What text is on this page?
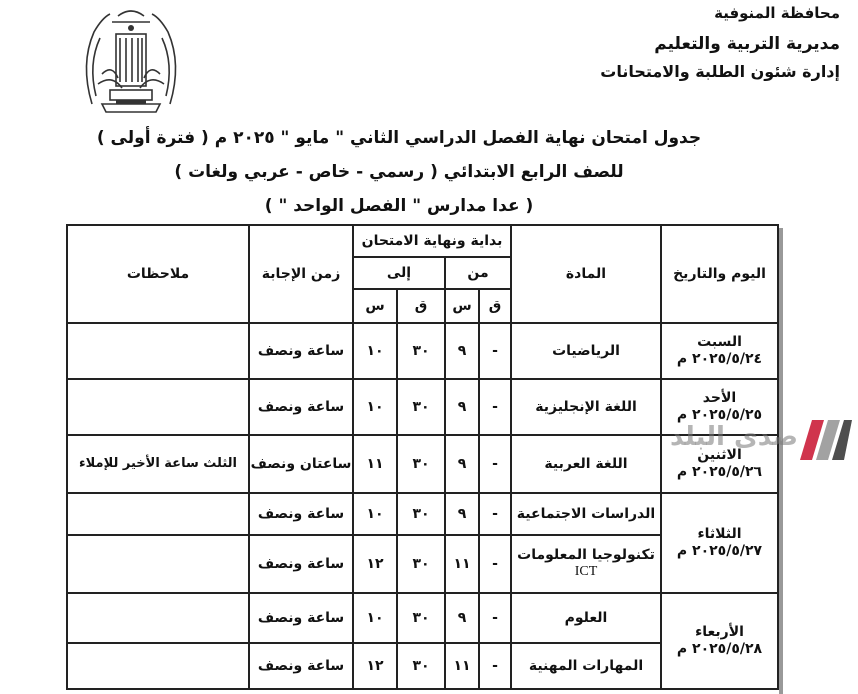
محافظة المنوفية
مديرية التربية والتعليم
إدارة شئون الطلبة والامتحانات
جدول امتحان نهاية الفصل الدراسي الثاني " مايو " ٢٠٢٥ م ( فترة أولى )
للصف الرابع الابتدائي ( رسمي - خاص - عربي ولغات )
( عدا مدارس " الفصل الواحد " )
اليوم والتاريخ
المادة
بداية ونهاية الامتحان
من
إلى
ق
س
ق
س
زمن الإجابة
ملاحظات
السبت
٢٠٢٥/٥/٢٤ م
الأحد
٢٠٢٥/٥/٢٥ م
الاثنين
٢٠٢٥/٥/٢٦ م
الثلاثاء
٢٠٢٥/٥/٢٧ م
الأربعاء
٢٠٢٥/٥/٢٨ م
الرياضيات
-
٩
٣٠
١٠
ساعة ونصف
اللغة الإنجليزية
-
٩
٣٠
١٠
ساعة ونصف
اللغة العربية
-
٩
٣٠
١١
ساعتان ونصف
الثلث ساعة الأخير للإملاء
الدراسات الاجتماعية
-
٩
٣٠
١٠
ساعة ونصف
تكنولوجيا المعلومات
ICT
-
١١
٣٠
١٢
ساعة ونصف
العلوم
-
٩
٣٠
١٠
ساعة ونصف
المهارات المهنية
-
١١
٣٠
١٢
ساعة ونصف
صدى البلد
